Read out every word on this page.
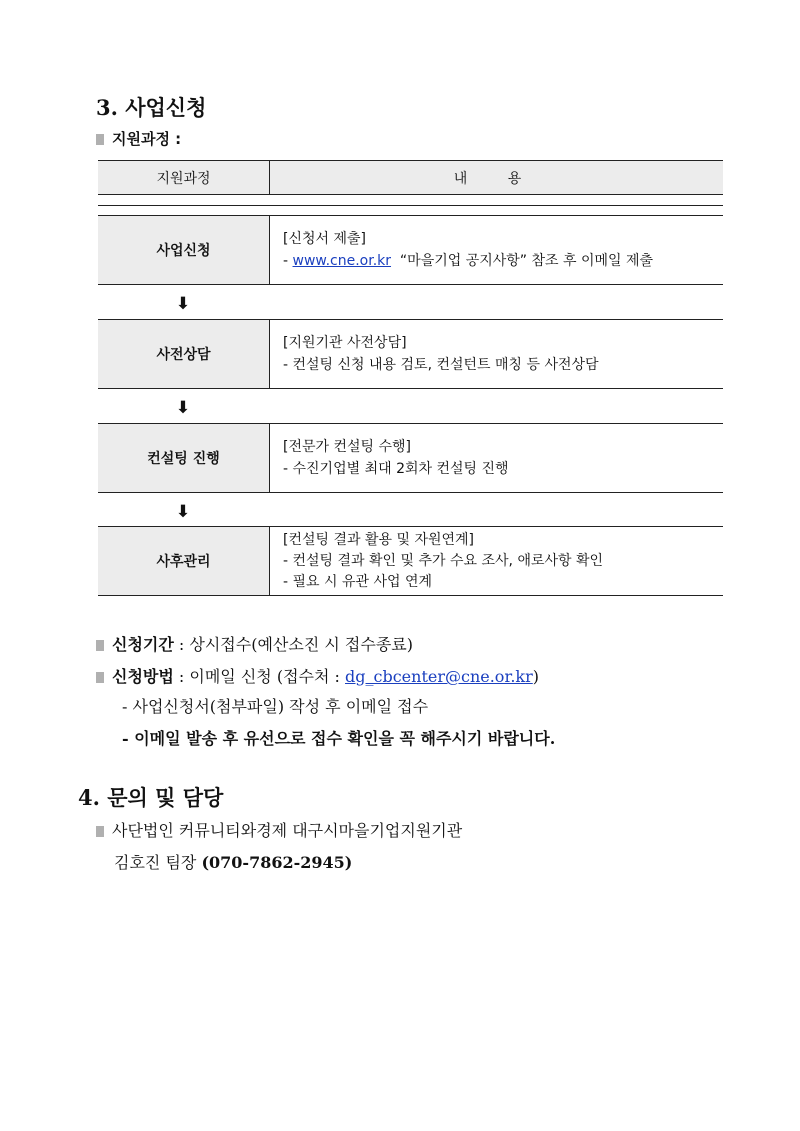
3. 사업신청
지원과정 :
지원과정	내 용
사업신청
[신청서 제출]
- www.cne.or.kr  “마을기업 공지사항” 참조 후 이메일 제출
⬇
사전상담
[지원기관 사전상담]
- 컨설팅 신청 내용 검토, 컨설턴트 매칭 등 사전상담
⬇
컨설팅 진행
[전문가 컨설팅 수행]
- 수진기업별 최대 2회차 컨설팅 진행
⬇
사후관리
[컨설팅 결과 활용 및 자원연계]
- 컨설팅 결과 확인 및 추가 수요 조사, 애로사항 확인
- 필요 시 유관 사업 연계
신청기간 : 상시접수(예산소진 시 접수종료)
신청방법 : 이메일 신청 (접수처 : dg_cbcenter@cne.or.kr)
- 사업신청서(첨부파일) 작성 후 이메일 접수
- 이메일 발송 후 유선으로 접수 확인을 꼭 해주시기 바랍니다.
4. 문의 및 담당
사단법인 커뮤니티와경제 대구시마을기업지원기관
김호진 팀장 (070-7862-2945)
